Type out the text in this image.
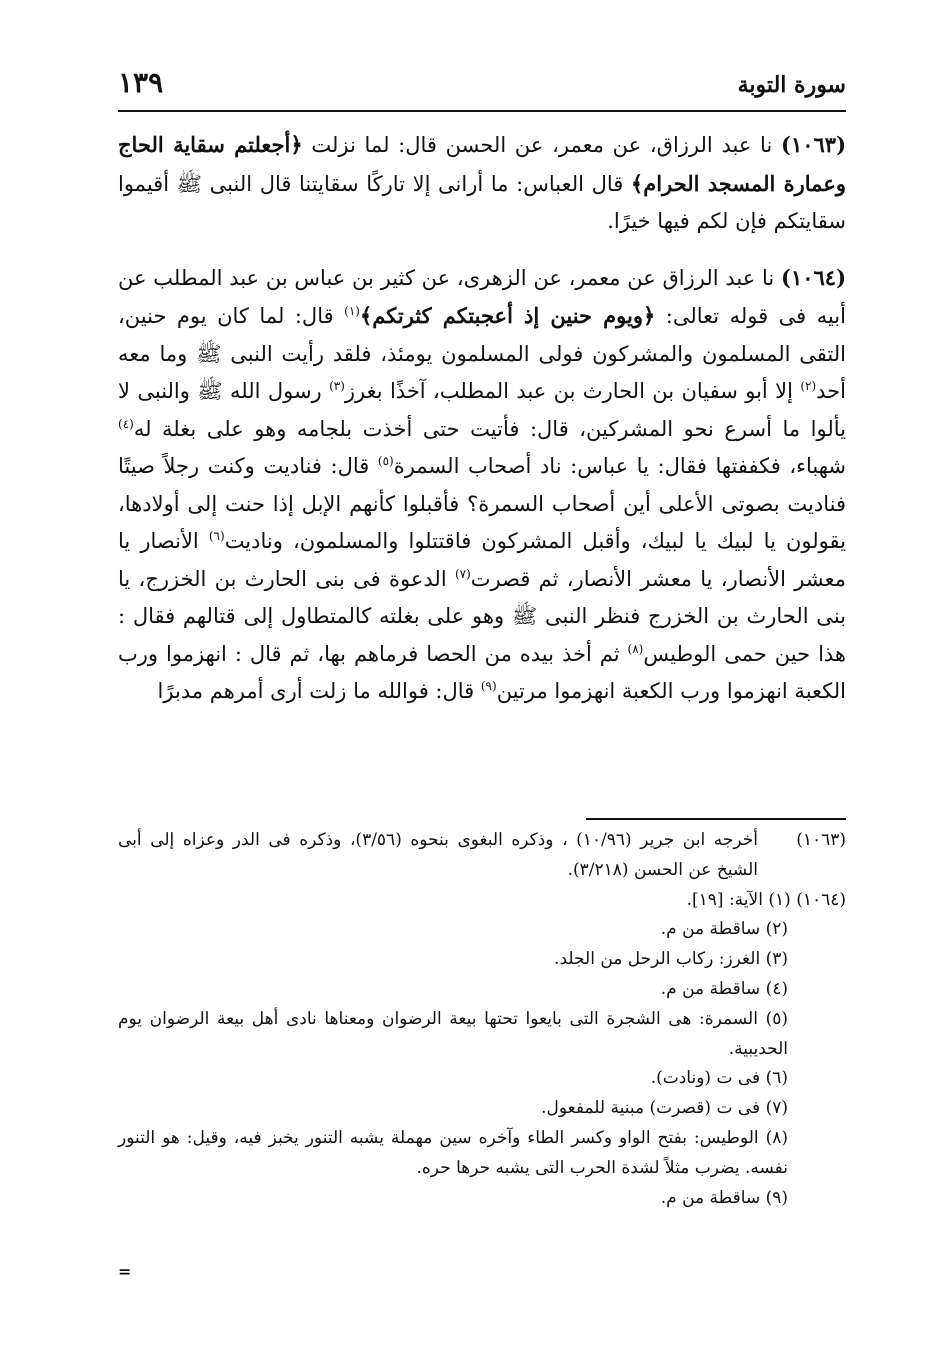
سورة التوبة
١٣٩

(١٠٦٣) نا عبد الرزاق، عن معمر، عن الحسن قال: لما نزلت ﴿أجعلتم سقاية الحاج وعمارة المسجد الحرام﴾ قال العباس: ما أرانى إلا تاركًا سقايتنا قال النبى ﷺ أقيموا سقايتكم فإن لكم فيها خيرًا.

(١٠٦٤) نا عبد الرزاق عن معمر، عن الزهرى، عن كثير بن عباس بن عبد المطلب عن أبيه فى قوله تعالى: ﴿ويوم حنين إذ أعجبتكم كثرتكم﴾$^{(١)}$ قال: لما كان يوم حنين، التقى المسلمون والمشركون فولى المسلمون يومئذ، فلقد رأيت النبى ﷺ وما معه أحد$^{(٢)}$ إلا أبو سفيان بن الحارث بن عبد المطلب، آخذًا بغرز$^{(٣)}$ رسول الله ﷺ والنبى لا يألوا ما أسرع نحو المشركين، قال: فأتيت حتى أخذت بلجامه وهو على بغلة له$^{(٤)}$ شهباء، فكففتها فقال: يا عباس: ناد أصحاب السمرة$^{(٥)}$ قال: فناديت وكنت رجلاً صيتًا فناديت بصوتى الأعلى أين أصحاب السمرة؟ فأقبلوا كأنهم الإبل إذا حنت إلى أولادها، يقولون يا لبيك يا لبيك، وأقبل المشركون فاقتتلوا والمسلمون، وناديت$^{(٦)}$ الأنصار يا معشر الأنصار، يا معشر الأنصار، ثم قصرت$^{(٧)}$ الدعوة فى بنى الحارث بن الخزرج، يا بنى الحارث بن الخزرج فنظر النبى ﷺ وهو على بغلته كالمتطاول إلى قتالهم فقال : هذا حين حمى الوطيس$^{(٨)}$ ثم أخذ بيده من الحصا فرماهم بها، ثم قال : انهزموا ورب الكعبة انهزموا ورب الكعبة انهزموا مرتين$^{(٩)}$ قال: فوالله ما زلت أرى أمرهم مدبرًا

(١٠٦٣)
أخرجه ابن جرير (١٠/٩٦) ، وذكره البغوى بنحوه (٣/٥٦)، وذكره فى الدر وعزاه إلى أبى الشيخ عن الحسن (٣/٢١٨).
(١٠٦٤) (١) الآية: [١٩].
(٢) ساقطة من م.
(٣) الغرز: ركاب الرحل من الجلد.
(٤) ساقطة من م.
(٥) السمرة: هى الشجرة التى بايعوا تحتها بيعة الرضوان ومعناها نادى أهل بيعة الرضوان يوم الحديبية.
(٦) فى ت (ونادت).
(٧) فى ت (قصرت) مبنية للمفعول.
(٨) الوطيس: بفتح الواو وكسر الطاء وآخره سين مهملة يشبه التنور يخبز فيه، وقيل: هو التنور نفسه. يضرب مثلاً لشدة الحرب التى يشبه حرها حره.
(٩) ساقطة من م.
=
